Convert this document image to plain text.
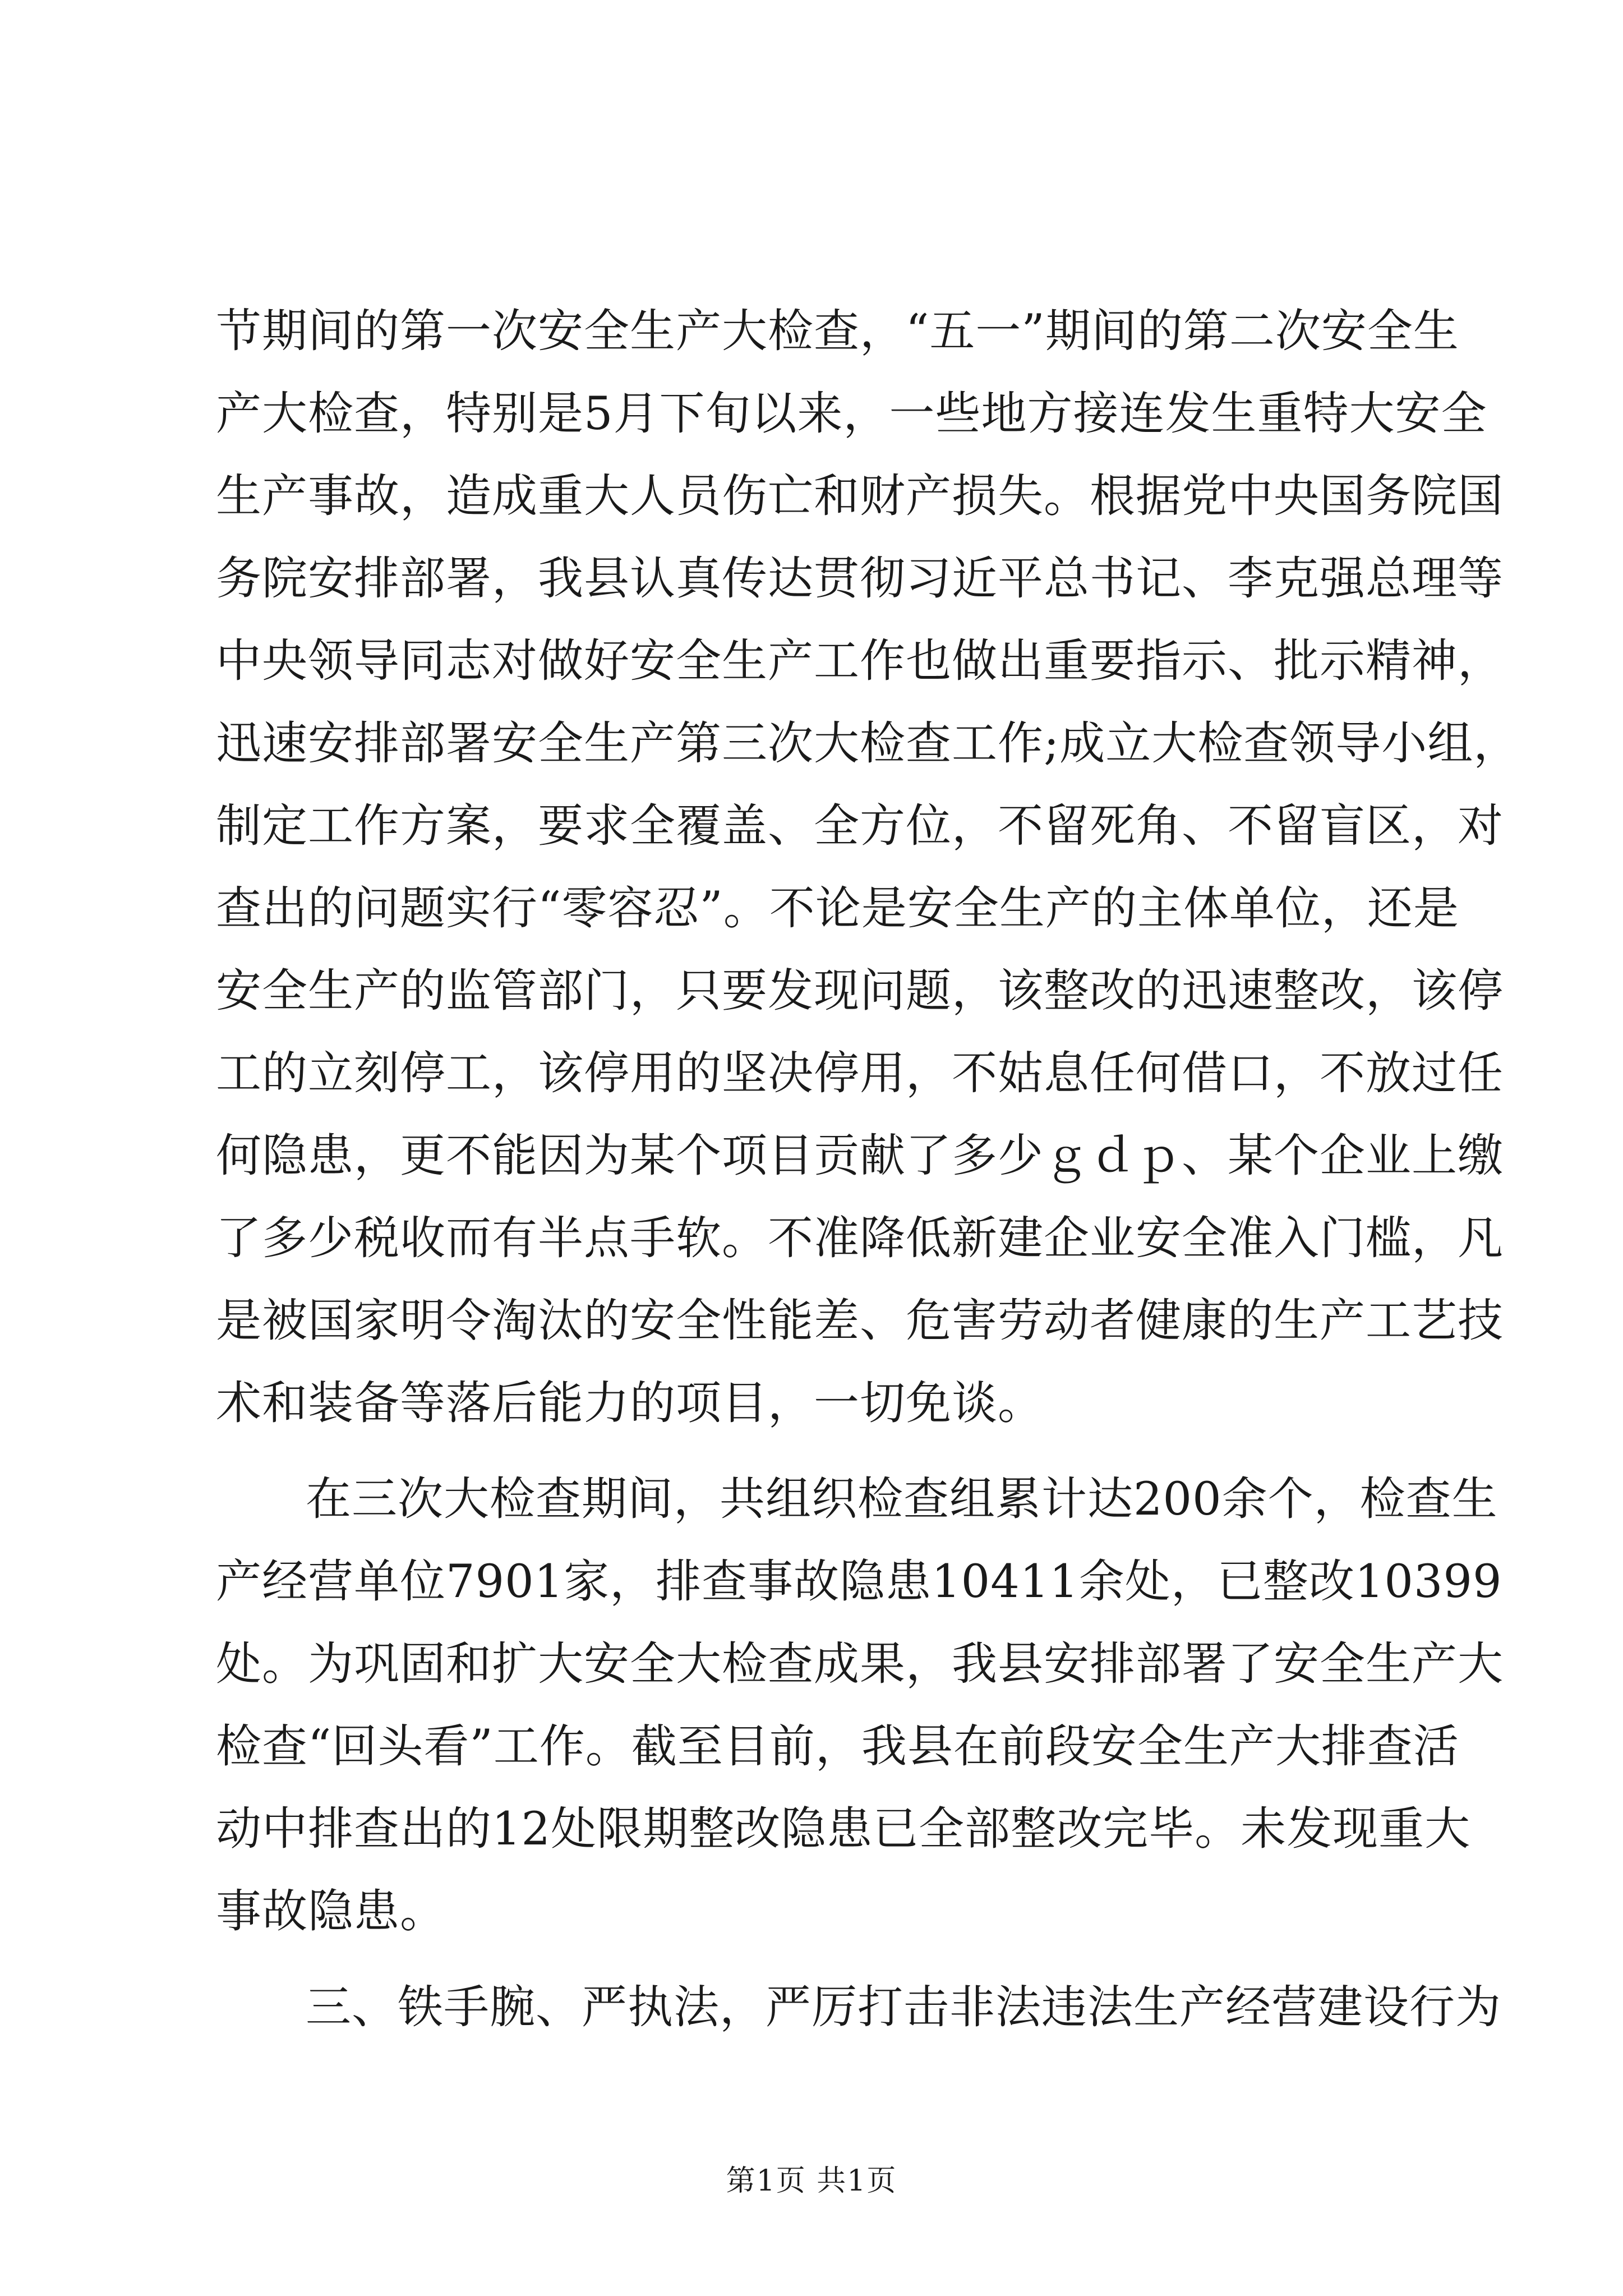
节期间的第一次安全生产大检查，“五一”期间的第二次安全生
产大检查，特别是5月下旬以来，一些地方接连发生重特大安全
生产事故，造成重大人员伤亡和财产损失。根据党中央国务院国
务院安排部署，我县认真传达贯彻习近平总书记、李克强总理等
中央领导同志对做好安全生产工作也做出重要指示、批示精神，
迅速安排部署安全生产第三次大检查工作;成立大检查领导小组，
制定工作方案，要求全覆盖、全方位，不留死角、不留盲区，对
查出的问题实行“零容忍”。不论是安全生产的主体单位，还是
安全生产的监管部门，只要发现问题，该整改的迅速整改，该停
工的立刻停工，该停用的坚决停用，不姑息任何借口，不放过任
何隐患，更不能因为某个项目贡献了多少ｇｄｐ、某个企业上缴
了多少税收而有半点手软。不准降低新建企业安全准入门槛，凡
是被国家明令淘汰的安全性能差、危害劳动者健康的生产工艺技
术和装备等落后能力的项目，一切免谈。
在三次大检查期间，共组织检查组累计达200余个，检查生
产经营单位7901家，排查事故隐患10411余处，已整改10399
处。为巩固和扩大安全大检查成果，我县安排部署了安全生产大
检查“回头看”工作。截至目前，我县在前段安全生产大排查活
动中排查出的12处限期整改隐患已全部整改完毕。未发现重大
事故隐患。
三、铁手腕、严执法，严厉打击非法违法生产经营建设行为
第1页 共1页
